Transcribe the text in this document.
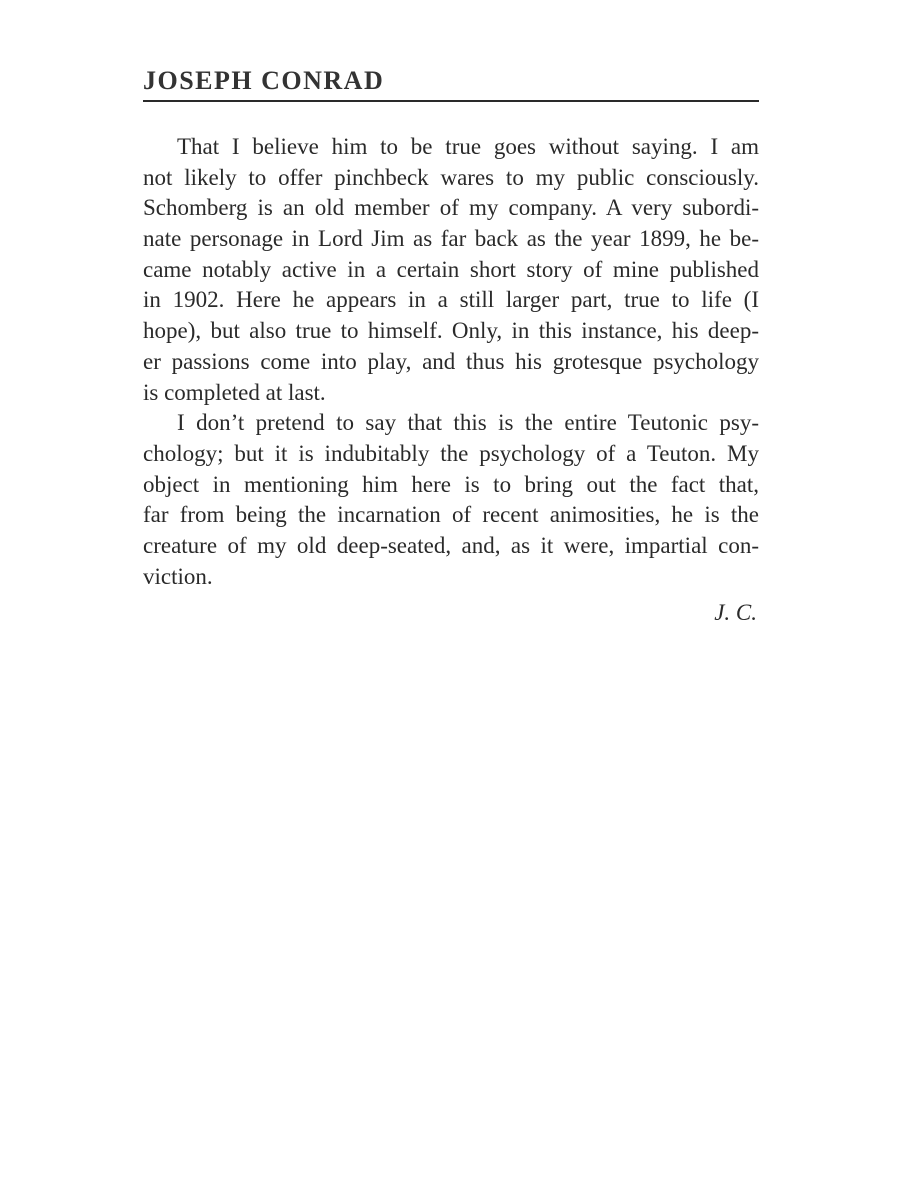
JOSEPH CONRAD
That I believe him to be true goes without saying. I am
not likely to offer pinchbeck wares to my public consciously.
Schomberg is an old member of my company. A very subordi-
nate personage in Lord Jim as far back as the year 1899, he be-
came notably active in a certain short story of mine published
in 1902. Here he appears in a still larger part, true to life (I
hope), but also true to himself. Only, in this instance, his deep-
er passions come into play, and thus his grotesque psychology
is completed at last.
I don’t pretend to say that this is the entire Teutonic psy-
chology; but it is indubitably the psychology of a Teuton. My
object in mentioning him here is to bring out the fact that,
far from being the incarnation of recent animosities, he is the
creature of my old deep-seated, and, as it were, impartial con-
viction.
J. C.
